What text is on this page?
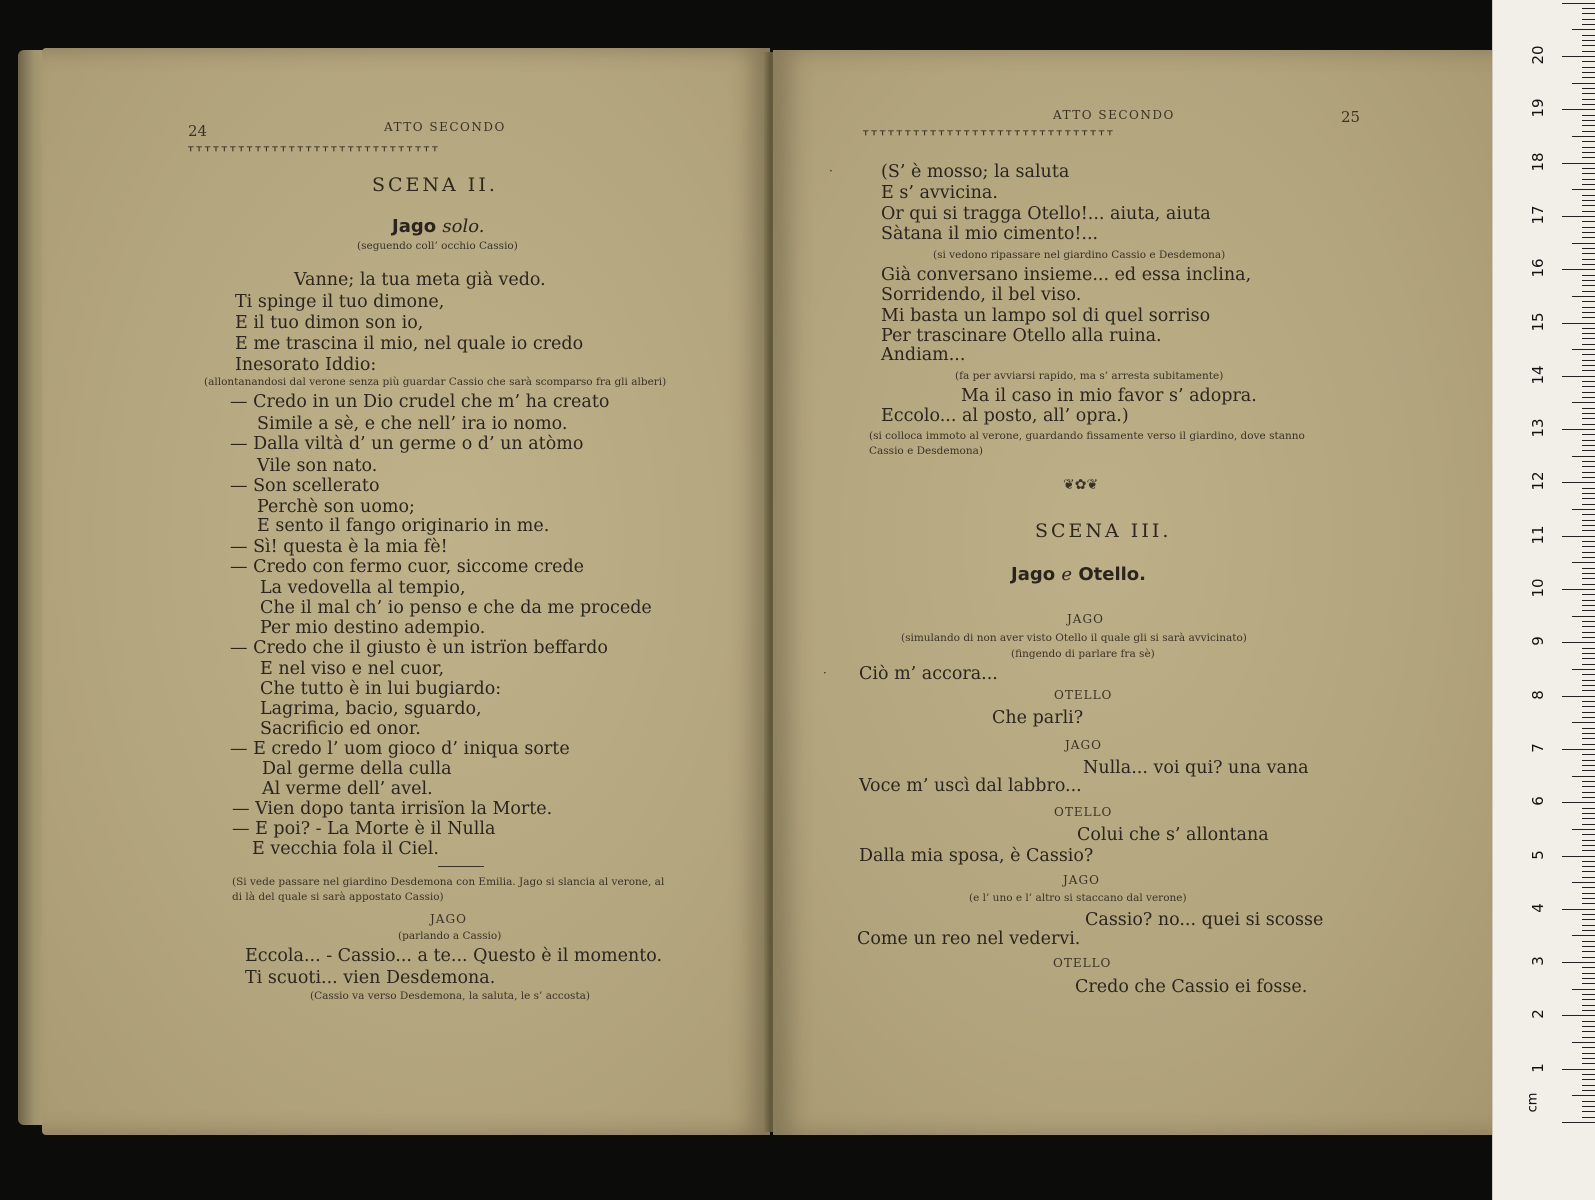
24	ATTO SECONDO
ᚁᚁᚁᚁᚁᚁᚁᚁᚁᚁᚁᚁᚁᚁᚁᚁᚁᚁᚁᚁᚁᚁᚁᚁᚁᚁᚁᚁᚁᚁ
SCENA II.
Jago solo.
(seguendo coll’ occhio Cassio)
Vanne; la tua meta già vedo.
Ti spinge il tuo dimone,
E il tuo dimon son io,
E me trascina il mio, nel quale io credo
Inesorato Iddio:
(allontanandosi dal verone senza più guardar Cassio che sarà scomparso fra gli alberi)
— Credo in un Dio crudel che m’ ha creato
Simile a sè, e che nell’ ira io nomo.
— Dalla viltà d’ un germe o d’ un atòmo
Vile son nato.
— Son scellerato
Perchè son uomo;
E sento il fango originario in me.
— Sì! questa è la mia fè!
— Credo con fermo cuor, siccome crede
La vedovella al tempio,
Che il mal ch’ io penso e che da me procede
Per mio destino adempio.
— Credo che il giusto è un istrïon beffardo
E nel viso e nel cuor,
Che tutto è in lui bugiardo:
Lagrima, bacio, sguardo,
Sacrificio ed onor.
— E credo l’ uom gioco d’ iniqua sorte
Dal germe della culla
Al verme dell’ avel.
— Vien dopo tanta irrisïon la Morte.
— E poi? - La Morte è il Nulla
E vecchia fola il Ciel.
(Si vede passare nel giardino Desdemona con Emilia. Jago si slancia al verone, al
di là del quale si sarà appostato Cassio)
JAGO
(parlando a Cassio)
Eccola... - Cassio... a te... Questo è il momento.
Ti scuoti... vien Desdemona.
(Cassio va verso Desdemona, la saluta, le s’ accosta)
ATTO SECONDO	25
ᚁᚁᚁᚁᚁᚁᚁᚁᚁᚁᚁᚁᚁᚁᚁᚁᚁᚁᚁᚁᚁᚁᚁᚁᚁᚁᚁᚁᚁᚁ
·	(S’ è mosso; la saluta
E s’ avvicina.
Or qui si tragga Otello!... aiuta, aiuta
Sàtana il mio cimento!...
(si vedono ripassare nel giardino Cassio e Desdemona)
Già conversano insieme... ed essa inclina,
Sorridendo, il bel viso.
Mi basta un lampo sol di quel sorriso
Per trascinare Otello alla ruina.
Andiam...
(fa per avviarsi rapido, ma s’ arresta subitamente)
Ma il caso in mio favor s’ adopra.
Eccolo... al posto, all’ opra.)
(si colloca immoto al verone, guardando fissamente verso il giardino, dove stanno
Cassio e Desdemona)
❦✿❦
SCENA III.
Jago e Otello.
JAGO
(simulando di non aver visto Otello il quale gli si sarà avvicinato)
(fingendo di parlare fra sè)
· Ciò m’ accora...
OTELLO
Che parli?
JAGO
Nulla... voi qui? una vana
Voce m’ uscì dal labbro...
OTELLO
Colui che s’ allontana
Dalla mia sposa, è Cassio?
JAGO
(e l’ uno e l’ altro si staccano dal verone)
Cassio? no... quei si scosse
Come un reo nel vedervi.
OTELLO
Credo che Cassio ei fosse.
cm
1
2
3
4
5
6
7
8
9
10
11
12
13
14
15
16
17
18
19
20
